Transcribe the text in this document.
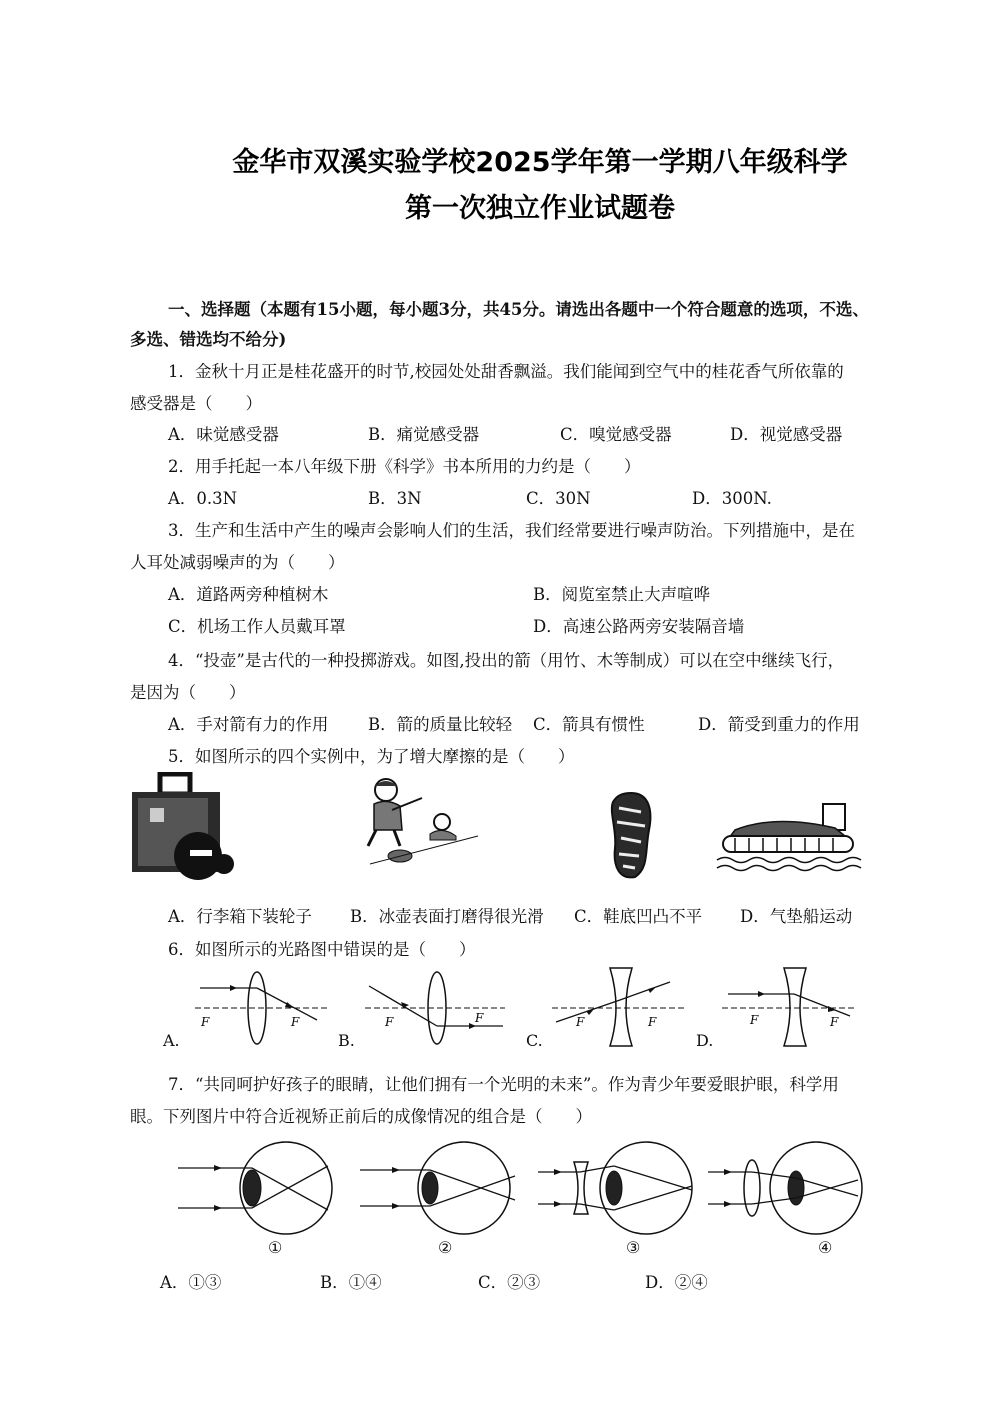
金华市双溪实验学校2025学年第一学期八年级科学
第一次独立作业试题卷
一、选择题（本题有15小题，每小题3分，共45分。请选出各题中一个符合题意的选项，不选、
多选、错选均不给分)
1．金秋十月正是桂花盛开的时节,校园处处甜香飘溢。我们能闻到空气中的桂花香气所依靠的
感受器是（　　）
A．味觉感受器	B．痛觉感受器	C．嗅觉感受器	D．视觉感受器
2．用手托起一本八年级下册《科学》书本所用的力约是（　　）
A．0.3N	B．3N	C．30N	D．300N.
3．生产和生活中产生的噪声会影响人们的生活，我们经常要进行噪声防治。下列措施中，是在
人耳处减弱噪声的为（　　）
A．道路两旁种植树木	B．阅览室禁止大声喧哗
C．机场工作人员戴耳罩	D．高速公路两旁安装隔音墙
4．“投壶”是古代的一种投掷游戏。如图,投出的箭（用竹、木等制成）可以在空中继续飞行，
是因为（　　）
A．手对箭有力的作用 B．箭的质量比较轻 C．箭具有惯性	D．箭受到重力的作用
5．如图所示的四个实例中，为了增大摩擦的是（　　）
A．行李箱下装轮子 B．冰壶表面打磨得很光滑 C．鞋底凹凸不平 D．气垫船运动
6．如图所示的光路图中错误的是（　　）
F	F
A.
F	F
B.
F	F
C.
F	F
D.
7．“共同呵护好孩子的眼睛，让他们拥有一个光明的未来”。作为青少年要爱眼护眼，科学用
眼。下列图片中符合近视矫正前后的成像情况的组合是（　　）
①	②	③	④
A．①③	B．①④	C．②③	D．②④
